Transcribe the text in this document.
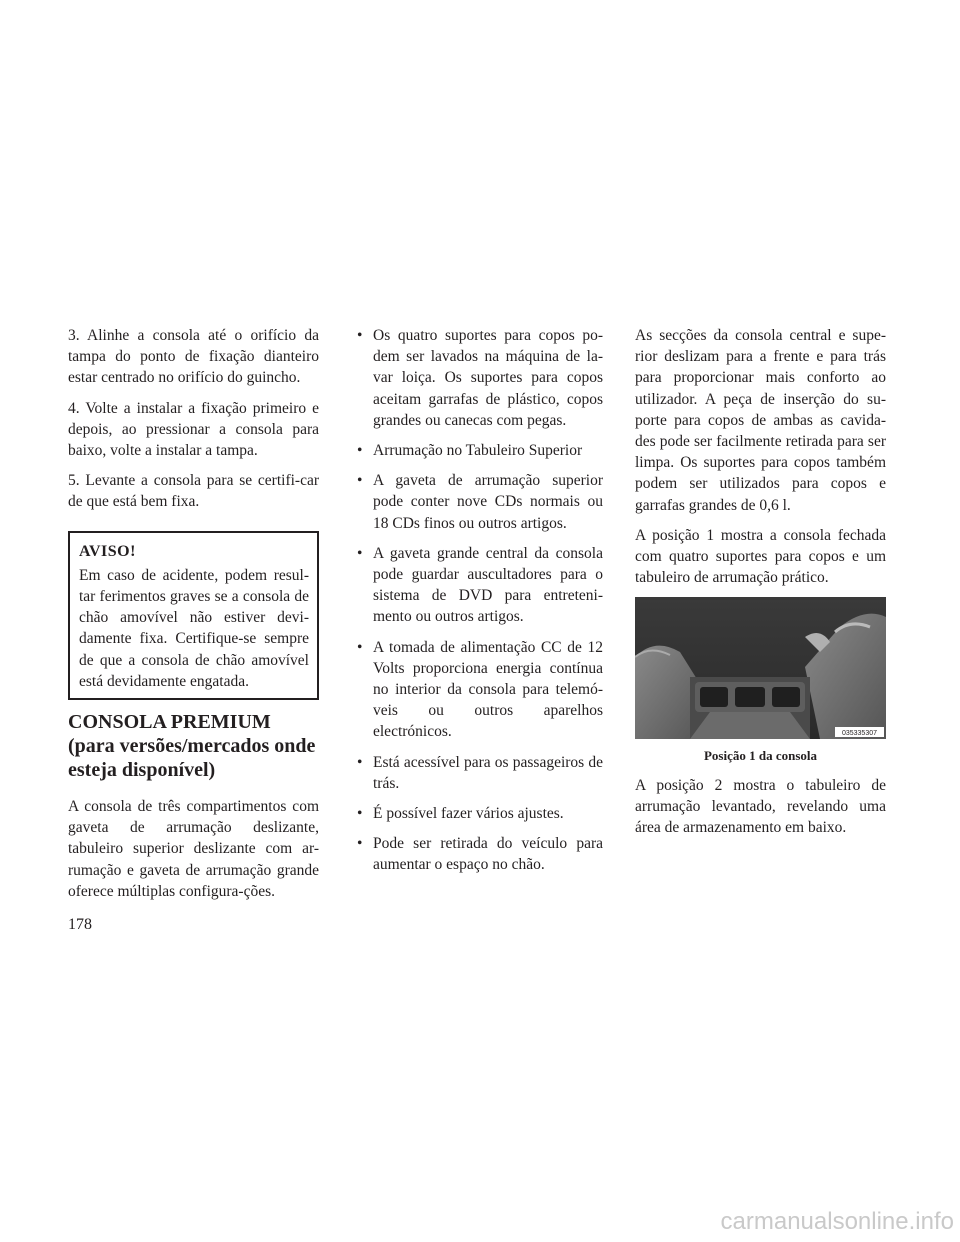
3. Alinhe a consola até o orifício da tampa do ponto de fixação dianteiro estar centrado no orifício do guincho.

4. Volte a instalar a fixação primeiro e depois, ao pressionar a consola para baixo, volte a instalar a tampa.

5. Levante a consola para se certifi-car de que está bem fixa.

AVISO!

Em caso de acidente, podem resul-tar ferimentos graves se a consola de chão amovível não estiver devi-damente fixa. Certifique-se sempre de que a consola de chão amovível está devidamente engatada.

CONSOLA PREMIUM (para versões/mercados onde esteja disponível)

A consola de três compartimentos com gaveta de arrumação deslizante, tabuleiro superior deslizante com ar-rumação e gaveta de arrumação grande oferece múltiplas configura-ções.

• Os quatro suportes para copos po-dem ser lavados na máquina de la-var loiça. Os suportes para copos aceitam garrafas de plástico, copos grandes ou canecas com pegas.
• Arrumação no Tabuleiro Superior
• A gaveta de arrumação superior pode conter nove CDs normais ou 18 CDs finos ou outros artigos.
• A gaveta grande central da consola pode guardar auscultadores para o sistema de DVD para entreteni-mento ou outros artigos.
• A tomada de alimentação CC de 12 Volts proporciona energia contínua no interior da consola para telemó-veis ou outros aparelhos electrónicos.
• Está acessível para os passageiros de trás.
• É possível fazer vários ajustes.
• Pode ser retirada do veículo para aumentar o espaço no chão.

As secções da consola central e supe-rior deslizam para a frente e para trás para proporcionar mais conforto ao utilizador. A peça de inserção do su-porte para copos de ambas as cavida-des pode ser facilmente retirada para ser limpa. Os suportes para copos também podem ser utilizados para copos e garrafas grandes de 0,6 l.

A posição 1 mostra a consola fechada com quatro suportes para copos e um tabuleiro de arrumação prático.

035335307
Posição 1 da consola

A posição 2 mostra o tabuleiro de arrumação levantado, revelando uma área de armazenamento em baixo.

178
carmanualsonline.info
